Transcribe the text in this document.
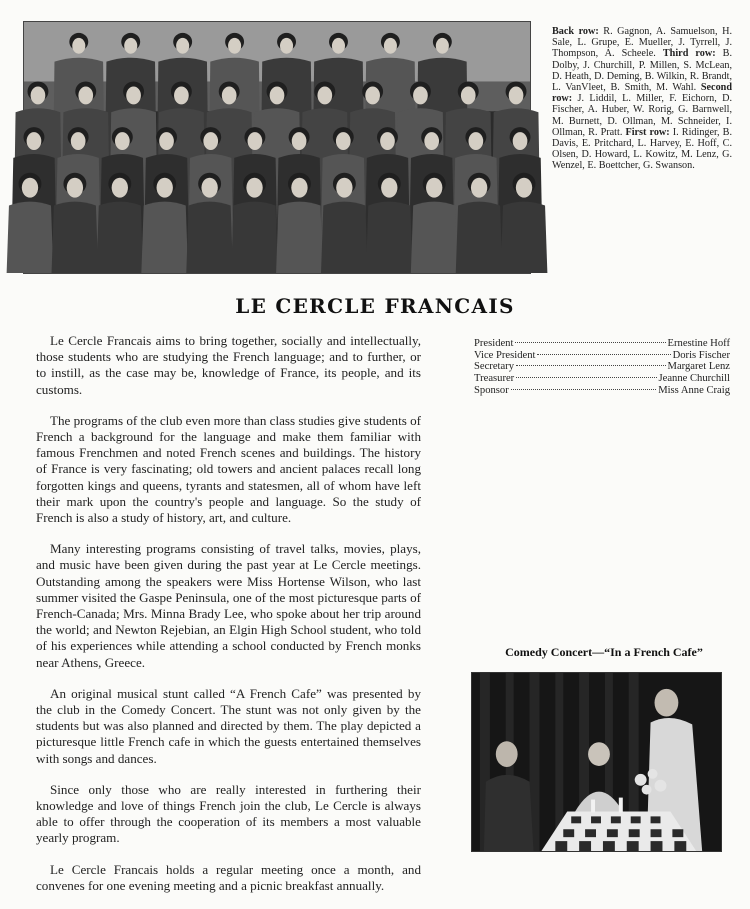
Back row: R. Gagnon, A. Samuelson, H. Sale, L. Grupe, E. Mueller, J. Tyrrell, J. Thompson, A. Scheele. Third row: B. Dolby, J. Churchill, P. Millen, S. McLean, D. Heath, D. Deming, B. Wilkin, R. Brandt, L. VanVleet, B. Smith, M. Wahl. Second row: J. Liddil, L. Miller, F. Eichorn, D. Fischer, A. Huber, W. Rorig, G. Barnwell, M. Burnett, D. Ollman, M. Schneider, I. Ollman, R. Pratt. First row: I. Ridinger, B. Davis, E. Pritchard, L. Harvey, E. Hoff, C. Olsen, D. Howard, L. Kowitz, M. Lenz, G. Wenzel, E. Boettcher, G. Swanson.
LE CERCLE FRANCAIS

Le Cercle Francais aims to bring together, socially and intellectually, those students who are studying the French language; and to further, or to instill, as the case may be, knowledge of France, its people, and its customs.

The programs of the club even more than class studies give students of French a background for the language and make them familiar with famous Frenchmen and noted French scenes and buildings. The history of France is very fascinating; old towers and ancient palaces recall long forgotten kings and queens, tyrants and statesmen, all of whom have left their mark upon the country's people and language. So the study of French is also a study of history, art, and culture.

Many interesting programs consisting of travel talks, movies, plays, and music have been given during the past year at Le Cercle meetings. Outstanding among the speakers were Miss Hortense Wilson, who last summer visited the Gaspe Peninsula, one of the most picturesque parts of French-Canada; Mrs. Minna Brady Lee, who spoke about her trip around the world; and Newton Rejebian, an Elgin High School student, who told of his experiences while attending a school conducted by French monks near Athens, Greece.

An original musical stunt called “A French Cafe” was presented by the club in the Comedy Concert. The stunt was not only given by the students but was also planned and directed by them. The play depicted a picturesque little French cafe in which the guests entertained themselves with songs and dances.

Since only those who are really interested in furthering their knowledge and love of things French join the club, Le Cercle is always able to offer through the cooperation of its members a most valuable yearly program.

Le Cercle Francais holds a regular meeting once a month, and convenes for one evening meeting and a picnic breakfast annually.

President	Ernestine Hoff
Vice President	Doris Fischer
Secretary	Margaret Lenz
Treasurer	Jeanne Churchill
Sponsor	Miss Anne Craig
Comedy Concert—“In a French Cafe”
